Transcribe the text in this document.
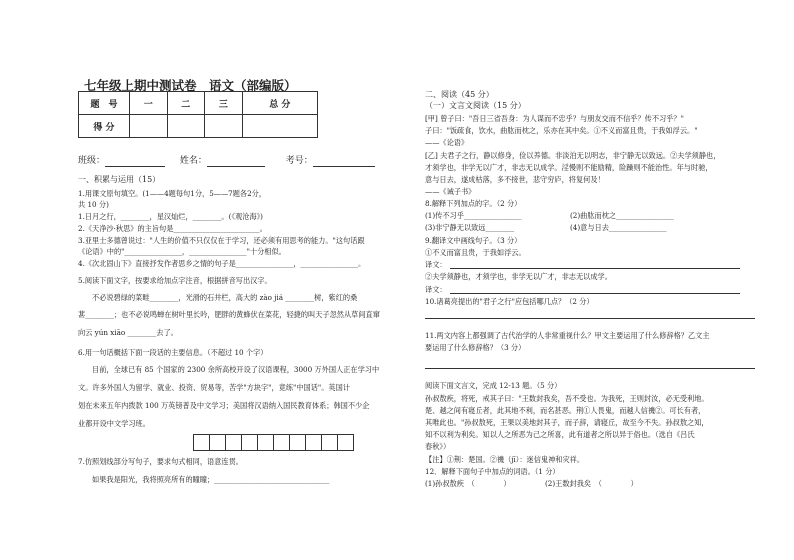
七年级上期中测试卷　语文（部编版）
题　号	一	二	三	总 分
得 分				
班级：	姓名：	考号：
一、积累与运用（15）
1.用课文原句填空。(1——4题每句1分，5——7题各2分，
共 10 分)
1.日月之行，________，星汉灿烂，________。(《观沧海》)
2.《天净沙·秋思》的主旨句是________________________。
3.亚里士多德曾说过："人生的价值不只仅仅在于学习，还必须有用思考的能力。"这句话跟
《论语》中的"________________，________________"十分相似。
4.《次北固山下》直接抒发作者思乡之情的句子是________________，________________。
5.阅读下面文字，按要求给加点字注音，根据拼音写出汉字。
不必说碧绿的菜畦________，光滑的石井栏，高大的 zào jiá ________树，紫红的桑
葚________；也不必说鸣蝉在树叶里长吟，肥胖的黄蜂伏在菜花，轻捷的叫天子忽然从草间直窜
向云 yún xiāo ________去了。
6.用一句话概括下面一段话的主要信息。（不超过 10 个字）
目前，全球已有 85 个国家的 2300 余所高校开设了汉语课程，3000 万外国人正在学习中
文。许多外国人为留学、就业、投资、贸易等，苦学"方块字"，竟练"中国话"。英国计
划在未来五年内拨款 100 万英镑普及中文学习；美国将汉语纳入国民教育体系；韩国不少企
业都开设中文学习班。
7.仿照划线部分写句子，要求句式相同，语意连贯。
如果我是阳光，我将照亮所有的瞳瞳；________________________________
二、阅读（45 分）
（一）文言文阅读（15 分）
[甲] 曾子曰："吾日三省吾身：为人谋而不忠乎？与朋友交而不信乎？传不习乎？"
子曰："饭疏食，饮水，曲肱而枕之，乐亦在其中矣。①不义而富且贵，于我如浮云。"
——《论语》
[乙] 夫君子之行，静以修身，俭以养德。非淡泊无以明志，非宁静无以致远。②夫学须静也，
才须学也，非学无以广才，非志无以成学。淫慢则不能励精，险躁则不能治性。年与时驰，
意与日去，遂成枯落，多不接世，悲守穷庐，将复何及！
——《诫子书》
8.解释下列加点的字。（2 分）
(1)传不习乎________________	(2)曲肱而枕之________________
(3)非宁静无以致远________	(4)意与日去________________
9.翻译文中画线句子。（3 分）
①不义而富且贵，于我如浮云。
译文：
②夫学须静也，才须学也，非学无以广才，非志无以成学。
译文：
10.诸葛亮提出的"君子之行"应包括哪几点？（2 分）
11.两文内容上都强调了古代治学的人非常重视什么？甲文主要运用了什么修辞格？乙文主
要运用了什么修辞格？（3 分）
阅读下面文言文，完成 12-13 题。（5 分）
孙叔敖疾，将死，戒其子曰："王数封我矣，吾不受也。为我死，王则封汝，必无受利地。
楚、越之间有寝丘者，此其地不利，而名甚恶。荆①人畏鬼，而越人信禨②。可长有者，
其唯此也。"孙叔敖死，王果以美地封其子，而子辞，请寝丘，故至今不失。孙叔敖之知，
知不以利为利矣。知以人之所恶为己之所喜，此有道者之所以异于俗也。（选自《吕氏
春秋》）
【注】①荆：楚国。②禨（jī）：迷信鬼神和灾祥。
12．解释下面句子中加点的词语。（1 分）
(1)孙叔敖疾　（　　　　）	(2)王数封我矣　（　　　　）
